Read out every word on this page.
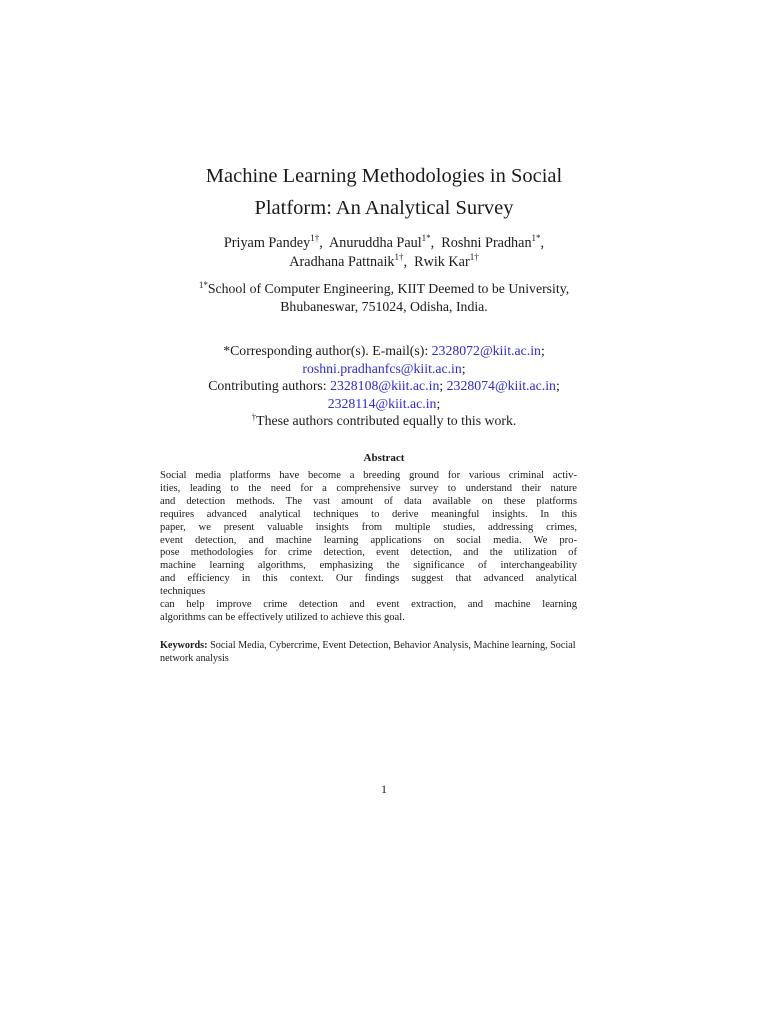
Machine Learning Methodologies in Social
Platform: An Analytical Survey
Priyam Pandey$^{1\dagger}$,  Anuruddha Paul$^{1*}$,  Roshni Pradhan$^{1*}$,
Aradhana Pattnaik$^{1\dagger}$,  Rwik Kar$^{1\dagger}$
$^{1*}$School of Computer Engineering, KIIT Deemed to be University,
Bhubaneswar, 751024, Odisha, India.
*Corresponding author(s). E-mail(s): 2328072@kiit.ac.in;
roshni.pradhanfcs@kiit.ac.in;
Contributing authors: 2328108@kiit.ac.in; 2328074@kiit.ac.in;
2328114@kiit.ac.in;
†These authors contributed equally to this work.
Abstract
Social media platforms have become a breeding ground for various criminal activ-
ities, leading to the need for a comprehensive survey to understand their nature
and detection methods. The vast amount of data available on these platforms
requires advanced analytical techniques to derive meaningful insights. In this
paper, we present valuable insights from multiple studies, addressing crimes,
event detection, and machine learning applications on social media. We pro-
pose methodologies for crime detection, event detection, and the utilization of
machine learning algorithms, emphasizing the significance of interchangeability
and efficiency in this context. Our findings suggest that advanced analytical
techniques
can help improve crime detection and event extraction, and machine learning
algorithms can be effectively utilized to achieve this goal.
Keywords: Social Media, Cybercrime, Event Detection, Behavior Analysis, Machine learning, Social network analysis
1
